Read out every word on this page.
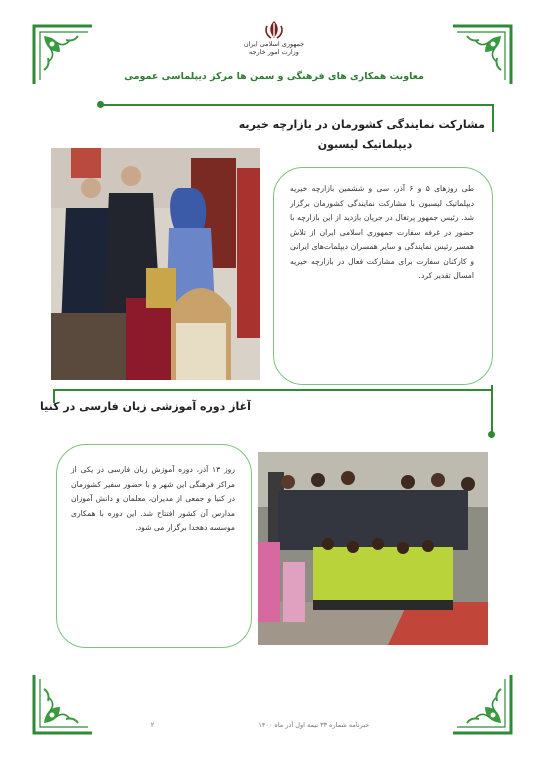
جمهوری اسلامی ایران
وزارت امور خارجه
معاونت همکاری های فرهنگی و سمن ها مرکز دیپلماسی عمومی
مشارکت نمایندگی کشورمان در بازارچه خیریه
دیپلماتیک لیسبون

طی روزهای ۵ و ۶ آذر، سی و ششمین بازارچه خیریه دیپلماتیک لیسبون با مشارکت نمایندگی کشورمان برگزار شد. رئیس جمهور پرتغال در جریان بازدید از این بازارچه با حضور در غرفه سفارت جمهوری اسلامی ایران از تلاش همسر رئیس نمایندگی و سایر همسران دیپلمات‌های ایرانی و کارکنان سفارت برای مشارکت فعال در بازارچه خیریه امسال تقدیر کرد.

آغاز دوره آموزشی زبان فارسی در کنیا

روز ۱۳ آذر، دوره آموزش زبان فارسی در یکی از مراکز فرهنگی این شهر و با حضور سفیر کشورمان در کنیا و جمعی از مدیران، معلمان و دانش آموزان مدارس آن کشور افتتاح شد. این دوره با همکاری موسسه دهخدا برگزار می شود.

خبرنامه شماره ۳۳ نیمه اول آذر ماه ۱۴۰۰  ۲
